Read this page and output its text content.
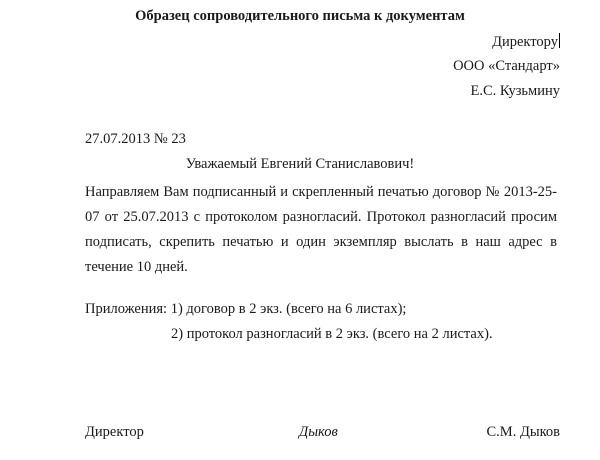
Образец сопроводительного письма к документам
Директору
ООО «Стандарт»
Е.С. Кузьмину
27.07.2013 № 23
Уважаемый Евгений Станиславович!
Направляем Вам подписанный и скрепленный печатью договор № 2013-25-
07 от 25.07.2013 с протоколом разногласий. Протокол разногласий просим
подписать, скрепить печатью и один экземпляр выслать в наш адрес в
течение 10 дней.
Приложения: 1) договор в 2 экз. (всего на 6 листах);
2) протокол разногласий в 2 экз. (всего на 2 листах).
Директор	Дыков	С.М. Дыков
